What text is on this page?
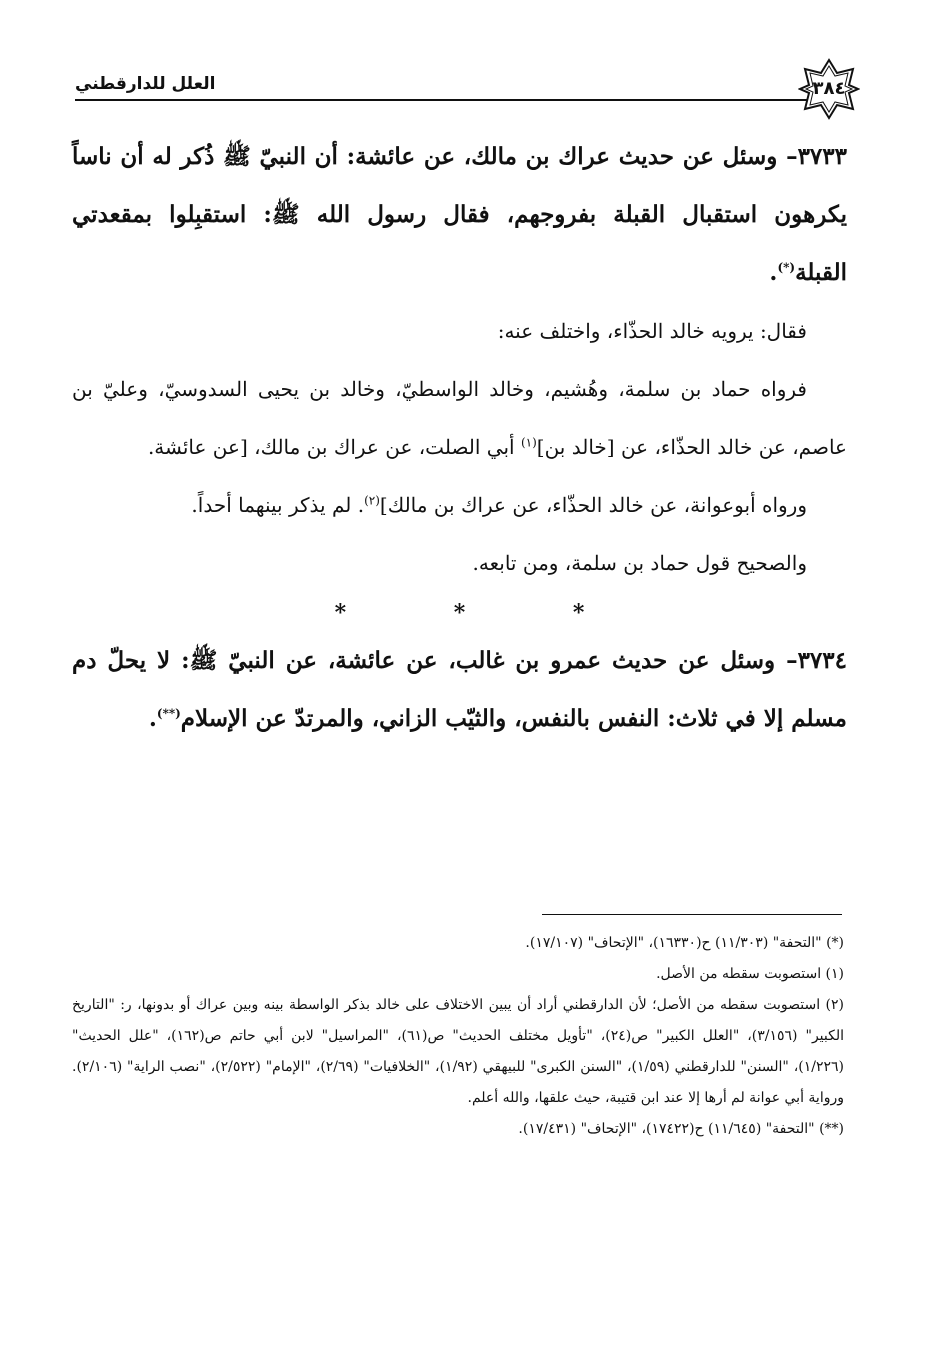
العلل للدارقطني	٣٨٤

٣٧٣٣– وسئل عن حديث عراك بن مالك، عن عائشة: أن النبيّ ﷺ ذُكر له أن ناساً يكرهون استقبال القبلة بفروجهم، فقال رسول الله ﷺ: استقبِلوا بمقعدتي القبلة(*).

فقال: يرويه خالد الحذّاء، واختلف عنه:

فرواه حماد بن سلمة، وهُشيم، وخالد الواسطيّ، وخالد بن يحيى السدوسيّ، وعليّ بن عاصم، عن خالد الحذّاء، عن [خالد بن]$^{(١)}$ أبي الصلت، عن عراك بن مالك، [عن عائشة.

ورواه أبوعوانة، عن خالد الحذّاء، عن عراك بن مالك]$^{(٢)}$. لم يذكر بينهما أحداً.

والصحيح قول حماد بن سلمة، ومن تابعه.

* * *

٣٧٣٤– وسئل عن حديث عمرو بن غالب، عن عائشة، عن النبيّ ﷺ: لا يحلّ دم مسلم إلا في ثلاث: النفس بالنفس، والثيّب الزاني، والمرتدّ عن الإسلام(**).

(*) "التحفة" (١١/٣٠٣) ح(١٦٣٣٠)، "الإتحاف" (١٧/١٠٧).

(١) استصوبت سقطه من الأصل.

(٢) استصوبت سقطه من الأصل؛ لأن الدارقطني أراد أن يبين الاختلاف على خالد بذكر الواسطة بينه وبين عراك أو بدونها، ر: "التاريخ الكبير" (٣/١٥٦)، "العلل الكبير" ص(٢٤)، "تأويل مختلف الحديث" ص(٦١)، "المراسيل" لابن أبي حاتم ص(١٦٢)، "علل الحديث" (١/٢٢٦)، "السنن" للدارقطني (١/٥٩)، "السنن الكبرى" للبيهقي (١/٩٢)، "الخلافيات" (٢/٦٩)، "الإمام" (٢/٥٢٢)، "نصب الراية" (٢/١٠٦). ورواية أبي عوانة لم أرها إلا عند ابن قتيبة، حيث علقها، والله أعلم.

(**) "التحفة" (١١/٦٤٥) ح(١٧٤٢٢)، "الإتحاف" (١٧/٤٣١).
